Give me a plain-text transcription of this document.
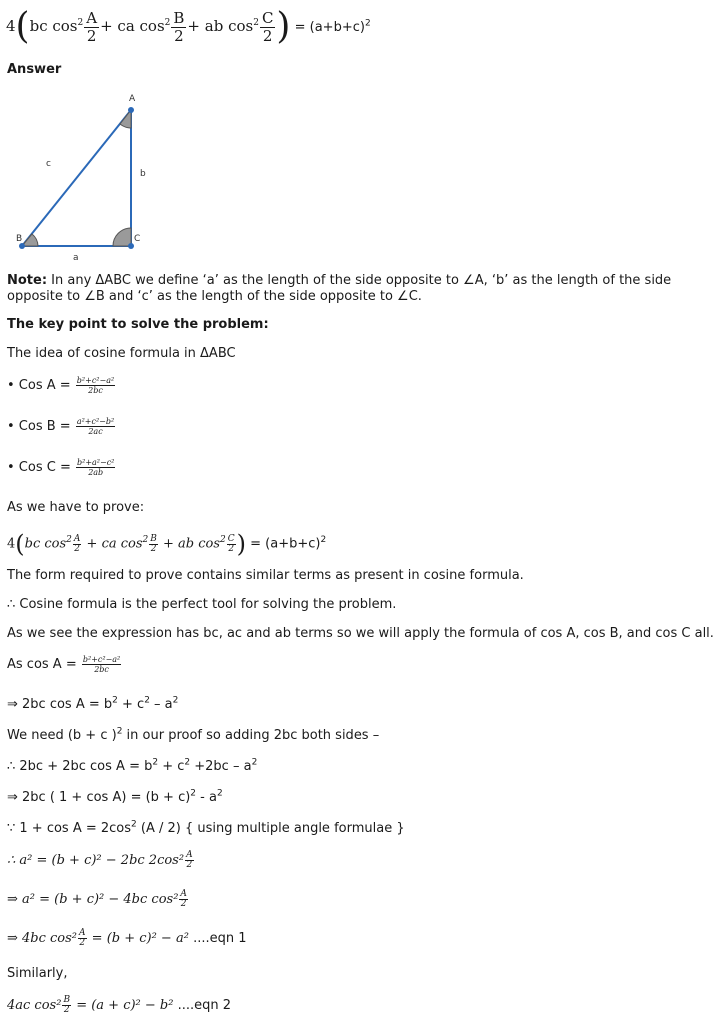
4(bc $\cos^2 \frac{A}{2}$ + ca $\cos^2 \frac{B}{2}$ + ab $\cos^2 \frac{C}{2}$ ) = $(a+b+c)^2$
Answer
A
B	C
a
b
c
Note: In any ΔABC we define ‘a’ as the length of the side opposite to ∠A, ‘b’ as the length of the side
opposite to ∠B and ‘c’ as the length of the side opposite to ∠C.
The key point to solve the problem:
The idea of cosine formula in ΔABC
• Cos $A = \frac{\text{b²+c²−a²}}{2bc}$
• Cos $B = \frac{\text{a²+c²−b²}}{2ac}$
• Cos $C = \frac{\text{b²+a²−c²}}{2ab}$
As we have to prove:
4(bc $\cos^2 \frac{A}{2}$ + ca $\cos^2 \frac{B}{2}$ + ab $\cos^2 \frac{C}{2}$ ) = $(a+b+c)^2$
The form required to prove contains similar terms as present in cosine formula.
∴ Cosine formula is the perfect tool for solving the problem.
As we see the expression has bc, ac and ab terms so we will apply the formula of cos A, cos B, and cos C all.
As $\cos A = \frac{\text{b²+c²−a²}}{2bc}$
⇒ 2bc $\cos A = b^2 + c^2 - a^2$
We need (b + c )$^2$ in our proof so adding 2bc both sides –
∴ 2bc + 2bc $\cos A = b^2 + c^2 +2bc - a^2$
⇒ 2bc ( $1 + \cos A) = (b + c)^2 - a^2$
∵ $1 + \cos A = 2\cos^2$ (A / 2) { using multiple angle formulae }
∴ a² = (b + c)² − 2bc $2\cos^2 \frac{A}{2}$
⇒ a² = (b + c)² − 4bc $\cos^2 \frac{A}{2}$
⇒ 4bc $\cos^2 \frac{A}{2} = (b + c)^2 - a^2$ ....eqn 1
Similarly,
4ac $\cos^2 \frac{B}{2} = (a + c)^2 - b^2$ ....eqn 2
